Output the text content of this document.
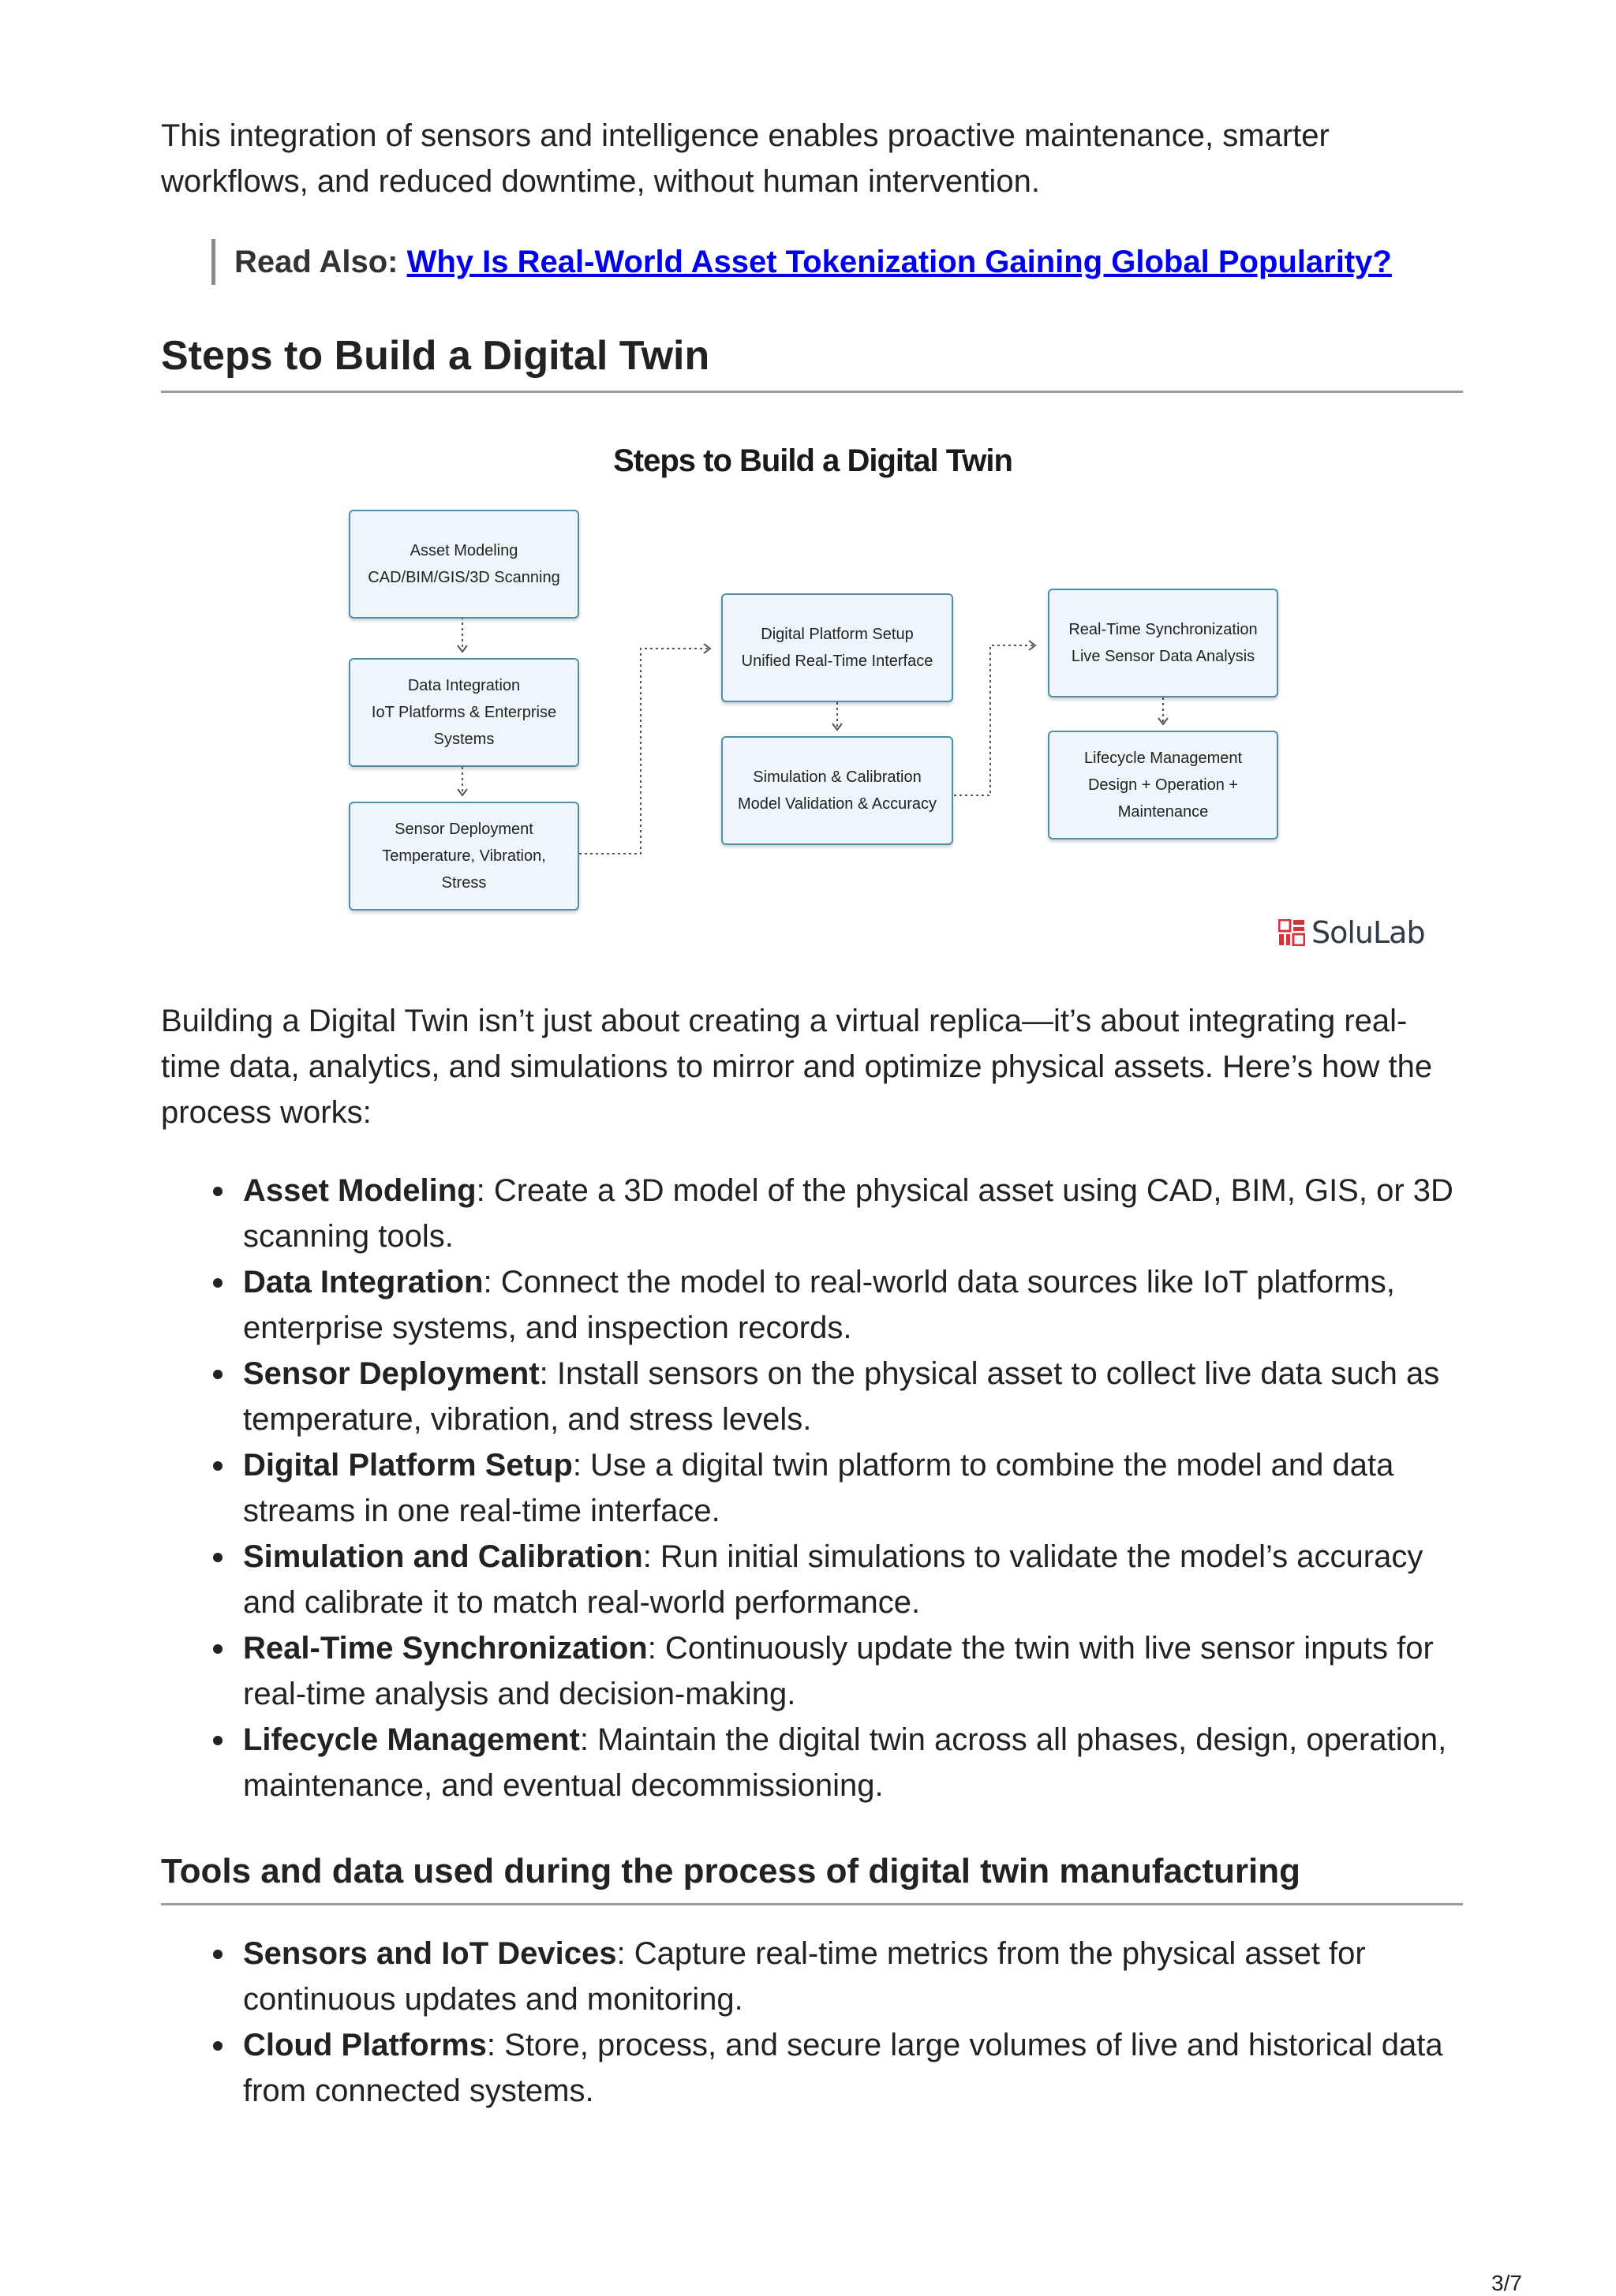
This integration of sensors and intelligence enables proactive maintenance, smarter workflows, and reduced downtime, without human intervention.

Read Also: Why Is Real-World Asset Tokenization Gaining Global Popularity?
Steps to Build a Digital Twin

Building a Digital Twin isn’t just about creating a virtual replica—it’s about integrating real-time data, analytics, and simulations to mirror and optimize physical assets. Here’s how the process works:

Asset Modeling: Create a 3D model of the physical asset using CAD, BIM, GIS, or 3D scanning tools.
Data Integration: Connect the model to real-world data sources like IoT platforms, enterprise systems, and inspection records.
Sensor Deployment: Install sensors on the physical asset to collect live data such as temperature, vibration, and stress levels.
Digital Platform Setup: Use a digital twin platform to combine the model and data streams in one real-time interface.
Simulation and Calibration: Run initial simulations to validate the model’s accuracy and calibrate it to match real-world performance.
Real-Time Synchronization: Continuously update the twin with live sensor inputs for real-time analysis and decision-making.
Lifecycle Management: Maintain the digital twin across all phases, design, operation, maintenance, and eventual decommissioning.
Tools and data used during the process of digital twin manufacturing
Sensors and IoT Devices: Capture real-time metrics from the physical asset for continuous updates and monitoring.
Cloud Platforms: Store, process, and secure large volumes of live and historical data from connected systems.
Steps to Build a Digital Twin
Asset Modeling
CAD/BIM/GIS/3D Scanning
Data Integration
IoT Platforms & Enterprise
Systems
Sensor Deployment
Temperature, Vibration,
Stress
Digital Platform Setup
Unified Real-Time Interface
Simulation & Calibration
Model Validation & Accuracy
Real-Time Synchronization
Live Sensor Data Analysis
Lifecycle Management
Design + Operation +
Maintenance
SoluLab
3/7
